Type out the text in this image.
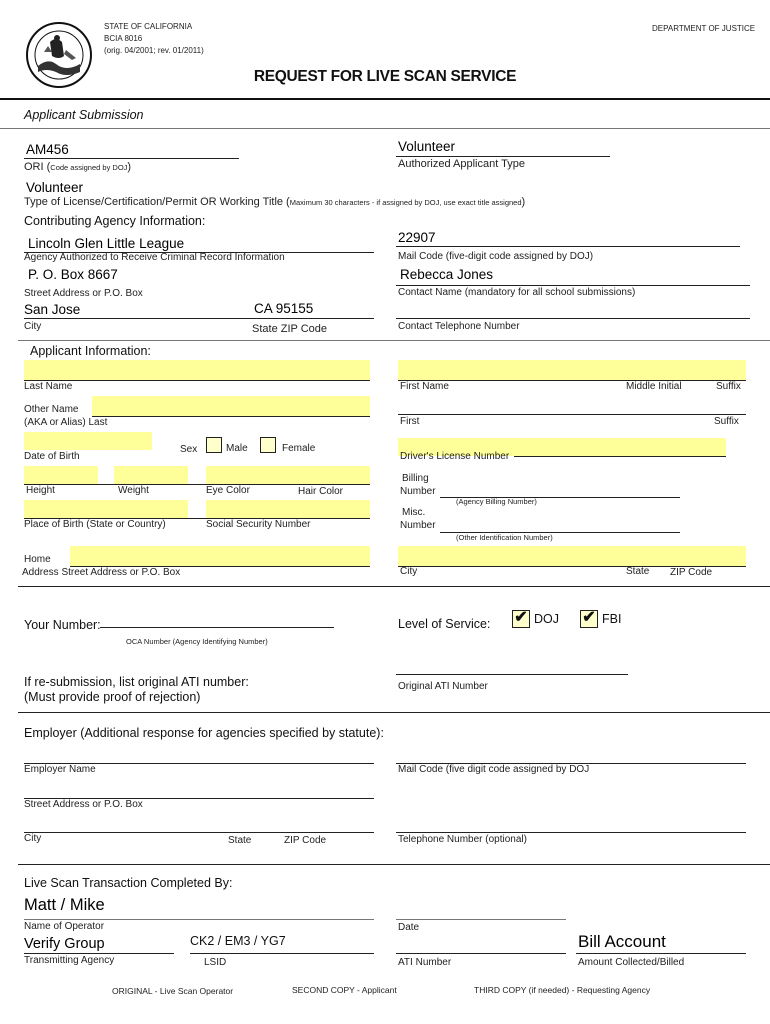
STATE OF CALIFORNIA
BCIA 8016
(orig. 04/2001; rev. 01/2011)
DEPARTMENT OF JUSTICE
REQUEST FOR LIVE SCAN SERVICE
Applicant Submission
AM456
ORI (Code assigned by DOJ)
Volunteer
Authorized Applicant Type
Volunteer
Type of License/Certification/Permit OR Working Title (Maximum 30 characters - if assigned by DOJ, use exact title assigned)
Contributing Agency Information:
Lincoln Glen Little League
Agency Authorized to Receive Criminal Record Information
22907
Mail Code (five-digit code assigned by DOJ)
P. O. Box 8667
Street Address or P.O. Box
Rebecca Jones
Contact Name (mandatory for all school submissions)
San Jose	CA 95155
City	State ZIP Code	Contact Telephone Number
Applicant Information:
Last Name	First Name	Middle Initial	Suffix
Other Name
(AKA or Alias) Last	First	Suffix
Date of Birth
Sex	Male	Female
Driver's License Number
Height	Weight	Eye Color	Hair Color
Billing
Number
(Agency Billing Number)
Place of Birth (State or Country)	Social Security Number
Misc.
Number
(Other Identification Number)
Home
Address Street Address or P.O. Box	City	State ZIP Code
Your Number:
OCA Number (Agency Identifying Number)
Level of Service: ✔ DOJ ✔ FBI
If re-submission, list original ATI number:
(Must provide proof of rejection)
Original ATI Number
Employer (Additional response for agencies specified by statute):
Employer Name	Mail Code (five digit code assigned by DOJ
Street Address or P.O. Box
City	State	ZIP Code	Telephone Number (optional)
Live Scan Transaction Completed By:
Matt / Mike
Name of Operator	Date
Verify Group
Transmitting Agency
CK2 / EM3 / YG7
LSID	ATI Number
Bill Account
Amount Collected/Billed
ORIGINAL - Live Scan Operator	SECOND COPY - Applicant	THIRD COPY (if needed) - Requesting Agency
